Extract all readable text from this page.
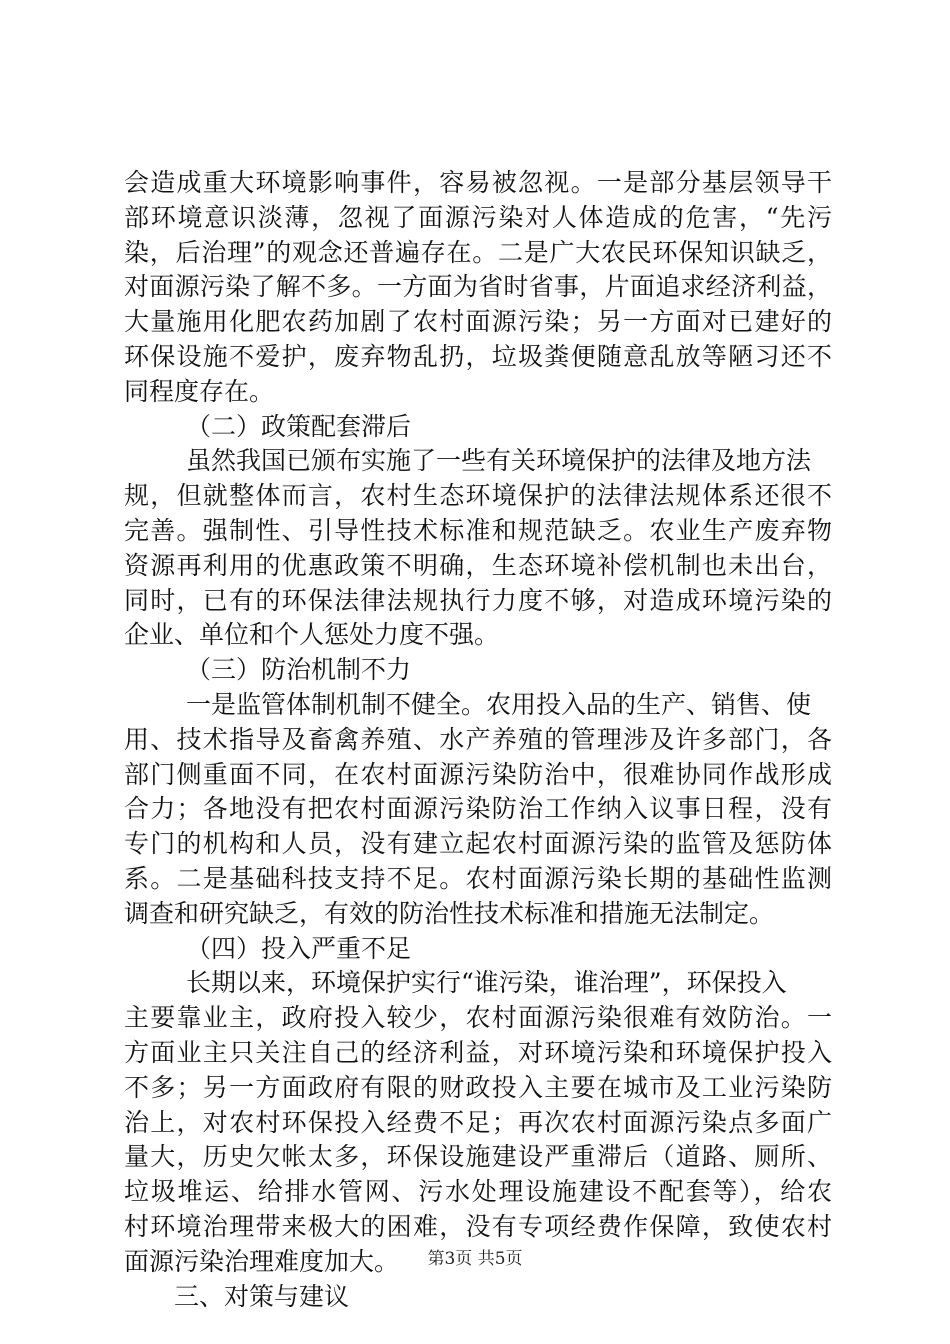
会造成重大环境影响事件，容易被忽视。一是部分基层领导干
部环境意识淡薄，忽视了面源污染对人体造成的危害，“先污
染，后治理”的观念还普遍存在。二是广大农民环保知识缺乏，
对面源污染了解不多。一方面为省时省事，片面追求经济利益，
大量施用化肥农药加剧了农村面源污染；另一方面对已建好的
环保设施不爱护，废弃物乱扔，垃圾粪便随意乱放等陋习还不
同程度存在。
（二）政策配套滞后
虽然我国已颁布实施了一些有关环境保护的法律及地方法
规，但就整体而言，农村生态环境保护的法律法规体系还很不
完善。强制性、引导性技术标准和规范缺乏。农业生产废弃物
资源再利用的优惠政策不明确，生态环境补偿机制也未出台，
同时，已有的环保法律法规执行力度不够，对造成环境污染的
企业、单位和个人惩处力度不强。
（三）防治机制不力
一是监管体制机制不健全。农用投入品的生产、销售、使
用、技术指导及畜禽养殖、水产养殖的管理涉及许多部门，各
部门侧重面不同，在农村面源污染防治中，很难协同作战形成
合力；各地没有把农村面源污染防治工作纳入议事日程，没有
专门的机构和人员，没有建立起农村面源污染的监管及惩防体
系。二是基础科技支持不足。农村面源污染长期的基础性监测
调查和研究缺乏，有效的防治性技术标准和措施无法制定。
（四）投入严重不足
长期以来，环境保护实行“谁污染，谁治理”，环保投入
主要靠业主，政府投入较少，农村面源污染很难有效防治。一
方面业主只关注自己的经济利益，对环境污染和环境保护投入
不多；另一方面政府有限的财政投入主要在城市及工业污染防
治上，对农村环保投入经费不足；再次农村面源污染点多面广
量大，历史欠帐太多，环保设施建设严重滞后（道路、厕所、
垃圾堆运、给排水管网、污水处理设施建设不配套等），给农
村环境治理带来极大的困难，没有专项经费作保障，致使农村
面源污染治理难度加大。
三、对策与建议
第3页 共5页
